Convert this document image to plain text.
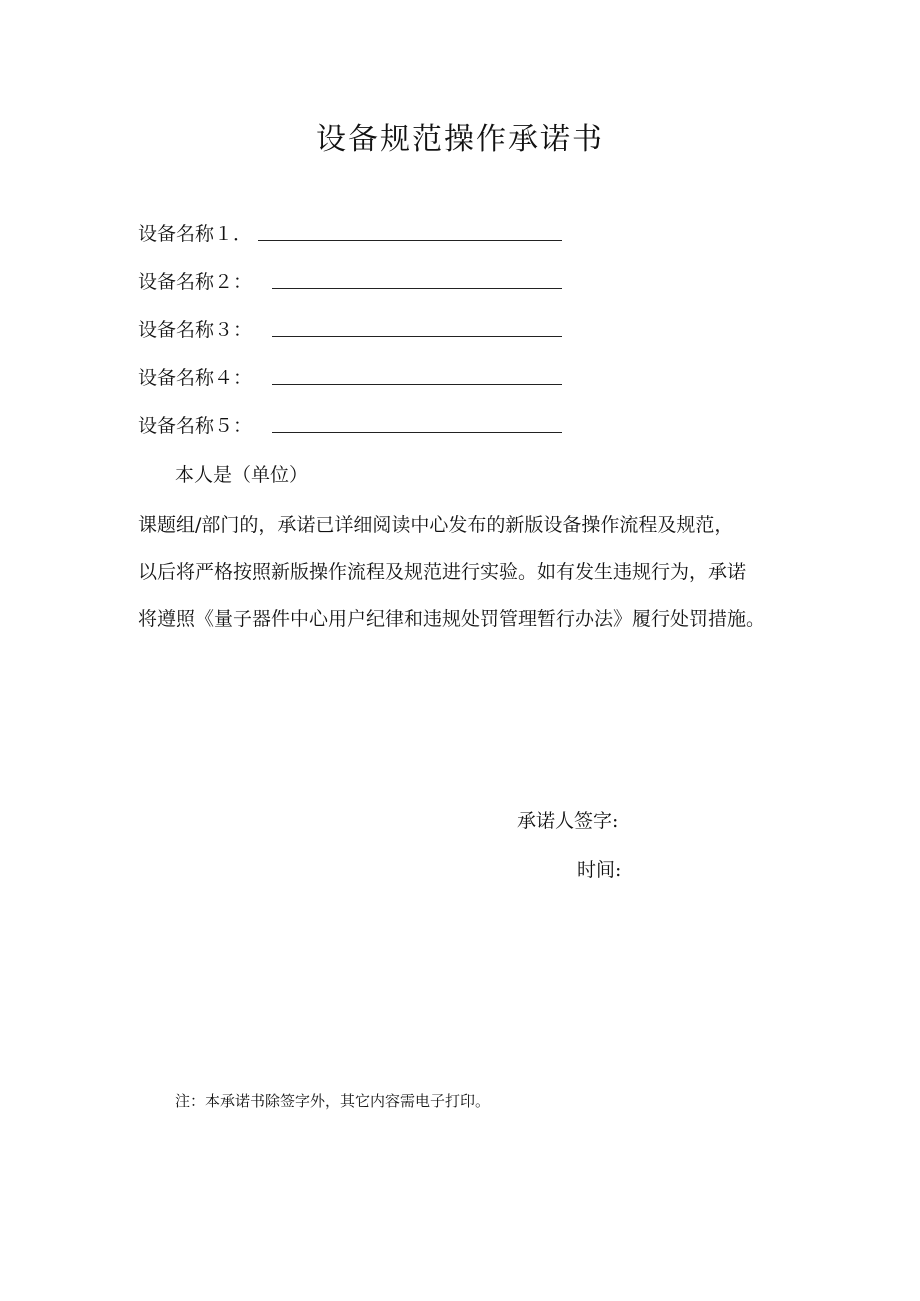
设备规范操作承诺书
设备名称１．
设备名称２：
设备名称３：
设备名称４：
设备名称５：
本人是（单位）
课题组/部门的，承诺已详细阅读中心发布的新版设备操作流程及规范，
以后将严格按照新版操作流程及规范进行实验。如有发生违规行为，承诺
将遵照《量子器件中心用户纪律和违规处罚管理暂行办法》履行处罚措施。
承诺人签字:
时间:
注：本承诺书除签字外，其它内容需电子打印。
